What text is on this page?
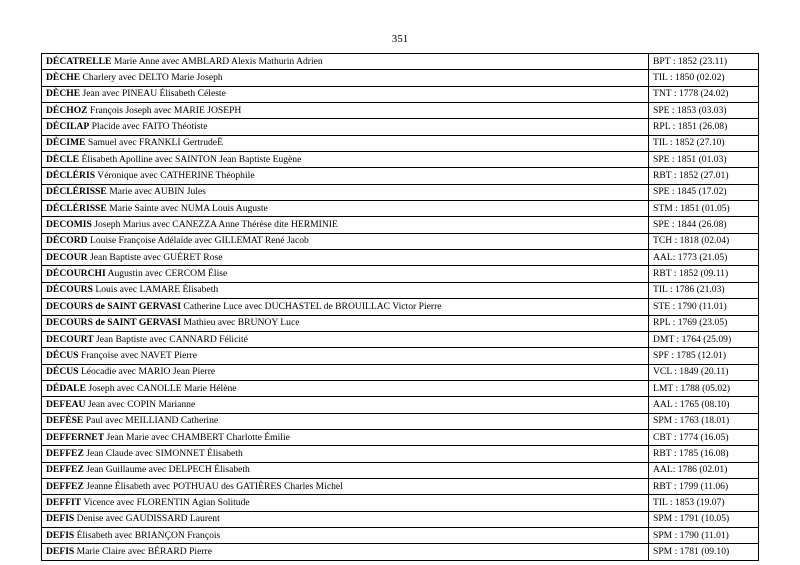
351
DÉCATRELLE Marie Anne avec AMBLARD Alexis Mathurin Adrien	BPT : 1852 (23.11)
DÈCHE Charlery avec DELTO Marie Joseph	TIL : 1850 (02.02)
DÈCHE Jean avec PINEAU Élisabeth Céleste	TNT : 1778 (24.02)
DÉCHOZ François Joseph avec MARIE JOSEPH	SPE : 1853 (03.03)
DÉCILAP Placide avec FAITO Théotiste	RPL : 1851 (26.08)
DÉCIME Samuel avec FRANKLI GertrudeË	TIL : 1852 (27.10)
DÈCLE Élisabeth Apolline avec SAINTON Jean Baptiste Eugène	SPE : 1851 (01.03)
DÉCLÉRIS Véronique avec CATHERINE Théophile	RBT : 1852 (27.01)
DÉCLÉRISSE Marie avec AUBIN Jules	SPE : 1845 (17.02)
DÉCLÉRISSE Marie Sainte avec NUMA Louis Auguste	STM : 1851 (01.05)
DECOMIS Joseph Marius avec CANEZZA Anne Thérèse dite HERMINIE	SPE : 1844 (26.08)
DÉCORD Louise Françoise Adélaïde avec GILLEMAT René Jacob	TCH : 1818 (02.04)
DECOUR Jean Baptiste avec GUÉRET Rose	AAL: 1773 (21.05)
DÉCOURCHI Augustin avec CERCOM Élise	RBT : 1852 (09.11)
DÉCOURS Louis avec LAMARE Élisabeth	TIL : 1786 (21.03)
DECOURS de SAINT GERVASI Catherine Luce avec DUCHASTEL de BROUILLAC Victor Pierre	STE : 1790 (11.01)
DECOURS de SAINT GERVASI Mathieu avec BRUNOY Luce	RPL : 1769 (23.05)
DECOURT Jean Baptiste avec CANNARD Félicité	DMT : 1764 (25.09)
DÉCUS Françoise avec NAVET Pierre	SPF : 1785 (12.01)
DÉCUS Léocadie avec MARIO Jean Pierre	VCL : 1849 (20.11)
DÉDALE Joseph avec CANOLLE Marie Hélène	LMT : 1788 (05.02)
DEFEAU Jean avec COPIN Marianne	AAL : 1765 (08.10)
DEFÈSE Paul avec MEILLIAND Catherine	SPM : 1763 (18.01)
DEFFERNET Jean Marie avec CHAMBERT Charlotte Émilie	CBT : 1774 (16.05)
DEFFEZ Jean Claude avec SIMONNET Élisabeth	RBT : 1785 (16.08)
DEFFEZ Jean Guillaume avec DELPECH Élisabeth	AAL: 1786 (02.01)
DEFFEZ Jeanne Élisabeth avec POTHUAU des GATIÈRES Charles Michel	RBT : 1799 (11.06)
DEFFIT Vicence avec FLORENTIN Agian Solitude	TIL : 1853 (19.07)
DEFIS Denise avec GAUDISSARD Laurent	SPM : 1791 (10.05)
DEFIS Élisabeth avec BRIANÇON François	SPM : 1790 (11.01)
DEFIS Marie Claire avec BÉRARD Pierre	SPM : 1781 (09.10)
